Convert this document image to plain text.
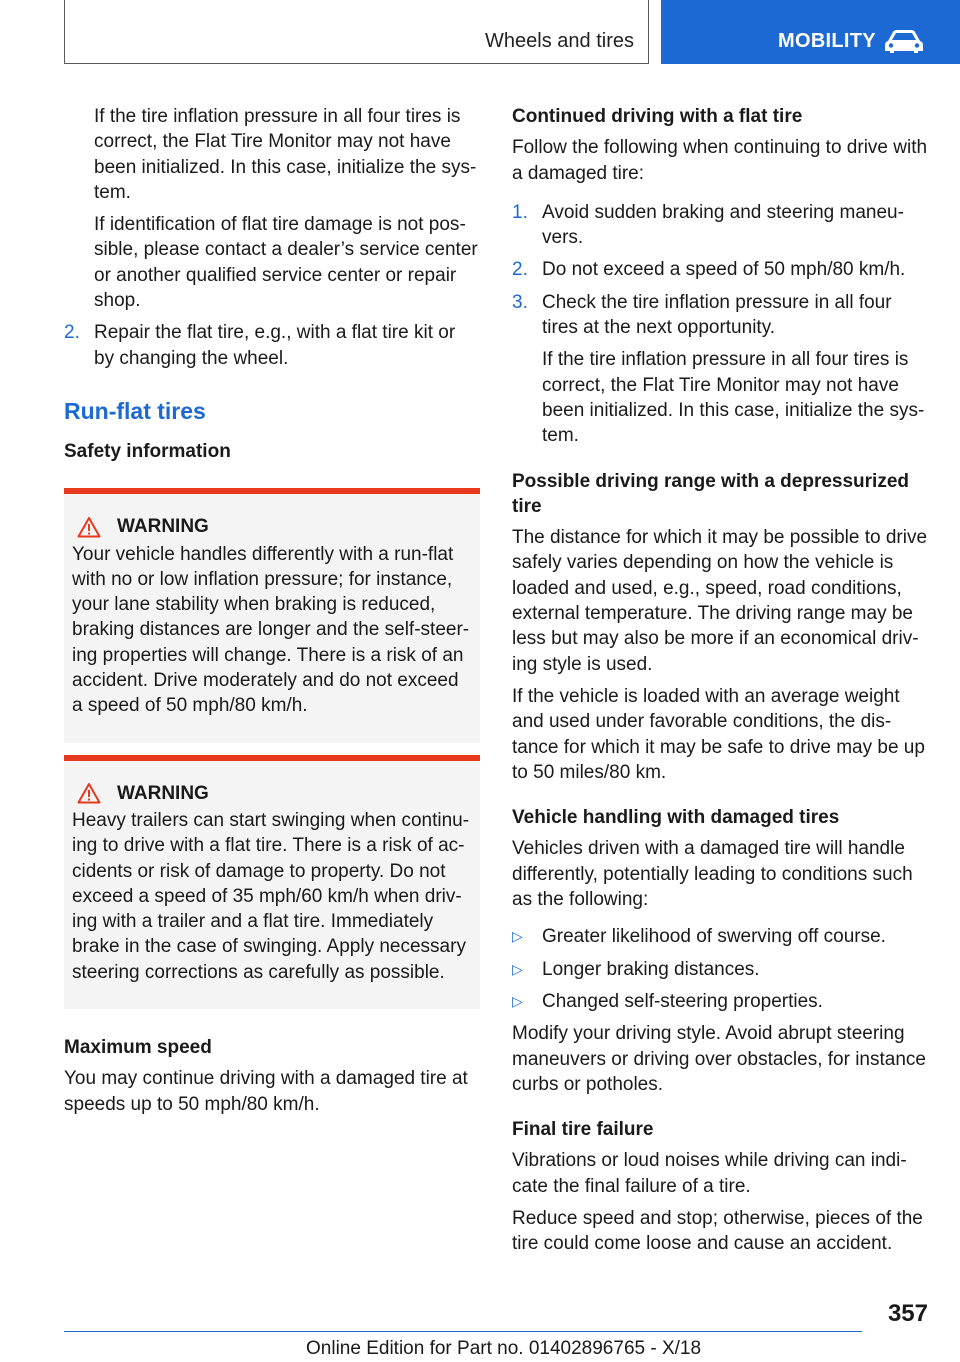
Wheels and tires	MOBILITY

If the tire inflation pressure in all four tires is correct, the Flat Tire Monitor may not have been initialized. In this case, initialize the system.

If identification of flat tire damage is not possible, please contact a dealer’s service center or another qualified service center or repair shop.

2. Repair the flat tire, e.g., with a flat tire kit or by changing the wheel.
Run-flat tires
Safety information
WARNING
Your vehicle handles differently with a run-flat with no or low inflation pressure; for instance, your lane stability when braking is reduced, braking distances are longer and the self-steering properties will change. There is a risk of an accident. Drive moderately and do not exceed a speed of 50 mph/80 km/h.
WARNING
Heavy trailers can start swinging when continuing to drive with a flat tire. There is a risk of accidents or risk of damage to property. Do not exceed a speed of 35 mph/60 km/h when driving with a trailer and a flat tire. Immediately brake in the case of swinging. Apply necessary steering corrections as carefully as possible.
Maximum speed

You may continue driving with a damaged tire at speeds up to 50 mph/80 km/h.

Continued driving with a flat tire

Follow the following when continuing to drive with a damaged tire:

1. Avoid sudden braking and steering maneuvers.
2. Do not exceed a speed of 50 mph/80 km/h.
3. Check the tire inflation pressure in all four tires at the next opportunity.

If the tire inflation pressure in all four tires is correct, the Flat Tire Monitor may not have been initialized. In this case, initialize the system.

Possible driving range with a depressurized tire

The distance for which it may be possible to drive safely varies depending on how the vehicle is loaded and used, e.g., speed, road conditions, external temperature. The driving range may be less but may also be more if an economical driving style is used.

If the vehicle is loaded with an average weight and used under favorable conditions, the distance for which it may be safe to drive may be up to 50 miles/80 km.

Vehicle handling with damaged tires

Vehicles driven with a damaged tire will handle differently, potentially leading to conditions such as the following:

▷	Greater likelihood of swerving off course.
▷	Longer braking distances.
▷	Changed self-steering properties.

Modify your driving style. Avoid abrupt steering maneuvers or driving over obstacles, for instance curbs or potholes.

Final tire failure

Vibrations or loud noises while driving can indicate the final failure of a tire.

Reduce speed and stop; otherwise, pieces of the tire could come loose and cause an accident.

357
Online Edition for Part no. 01402896765 - X/18
